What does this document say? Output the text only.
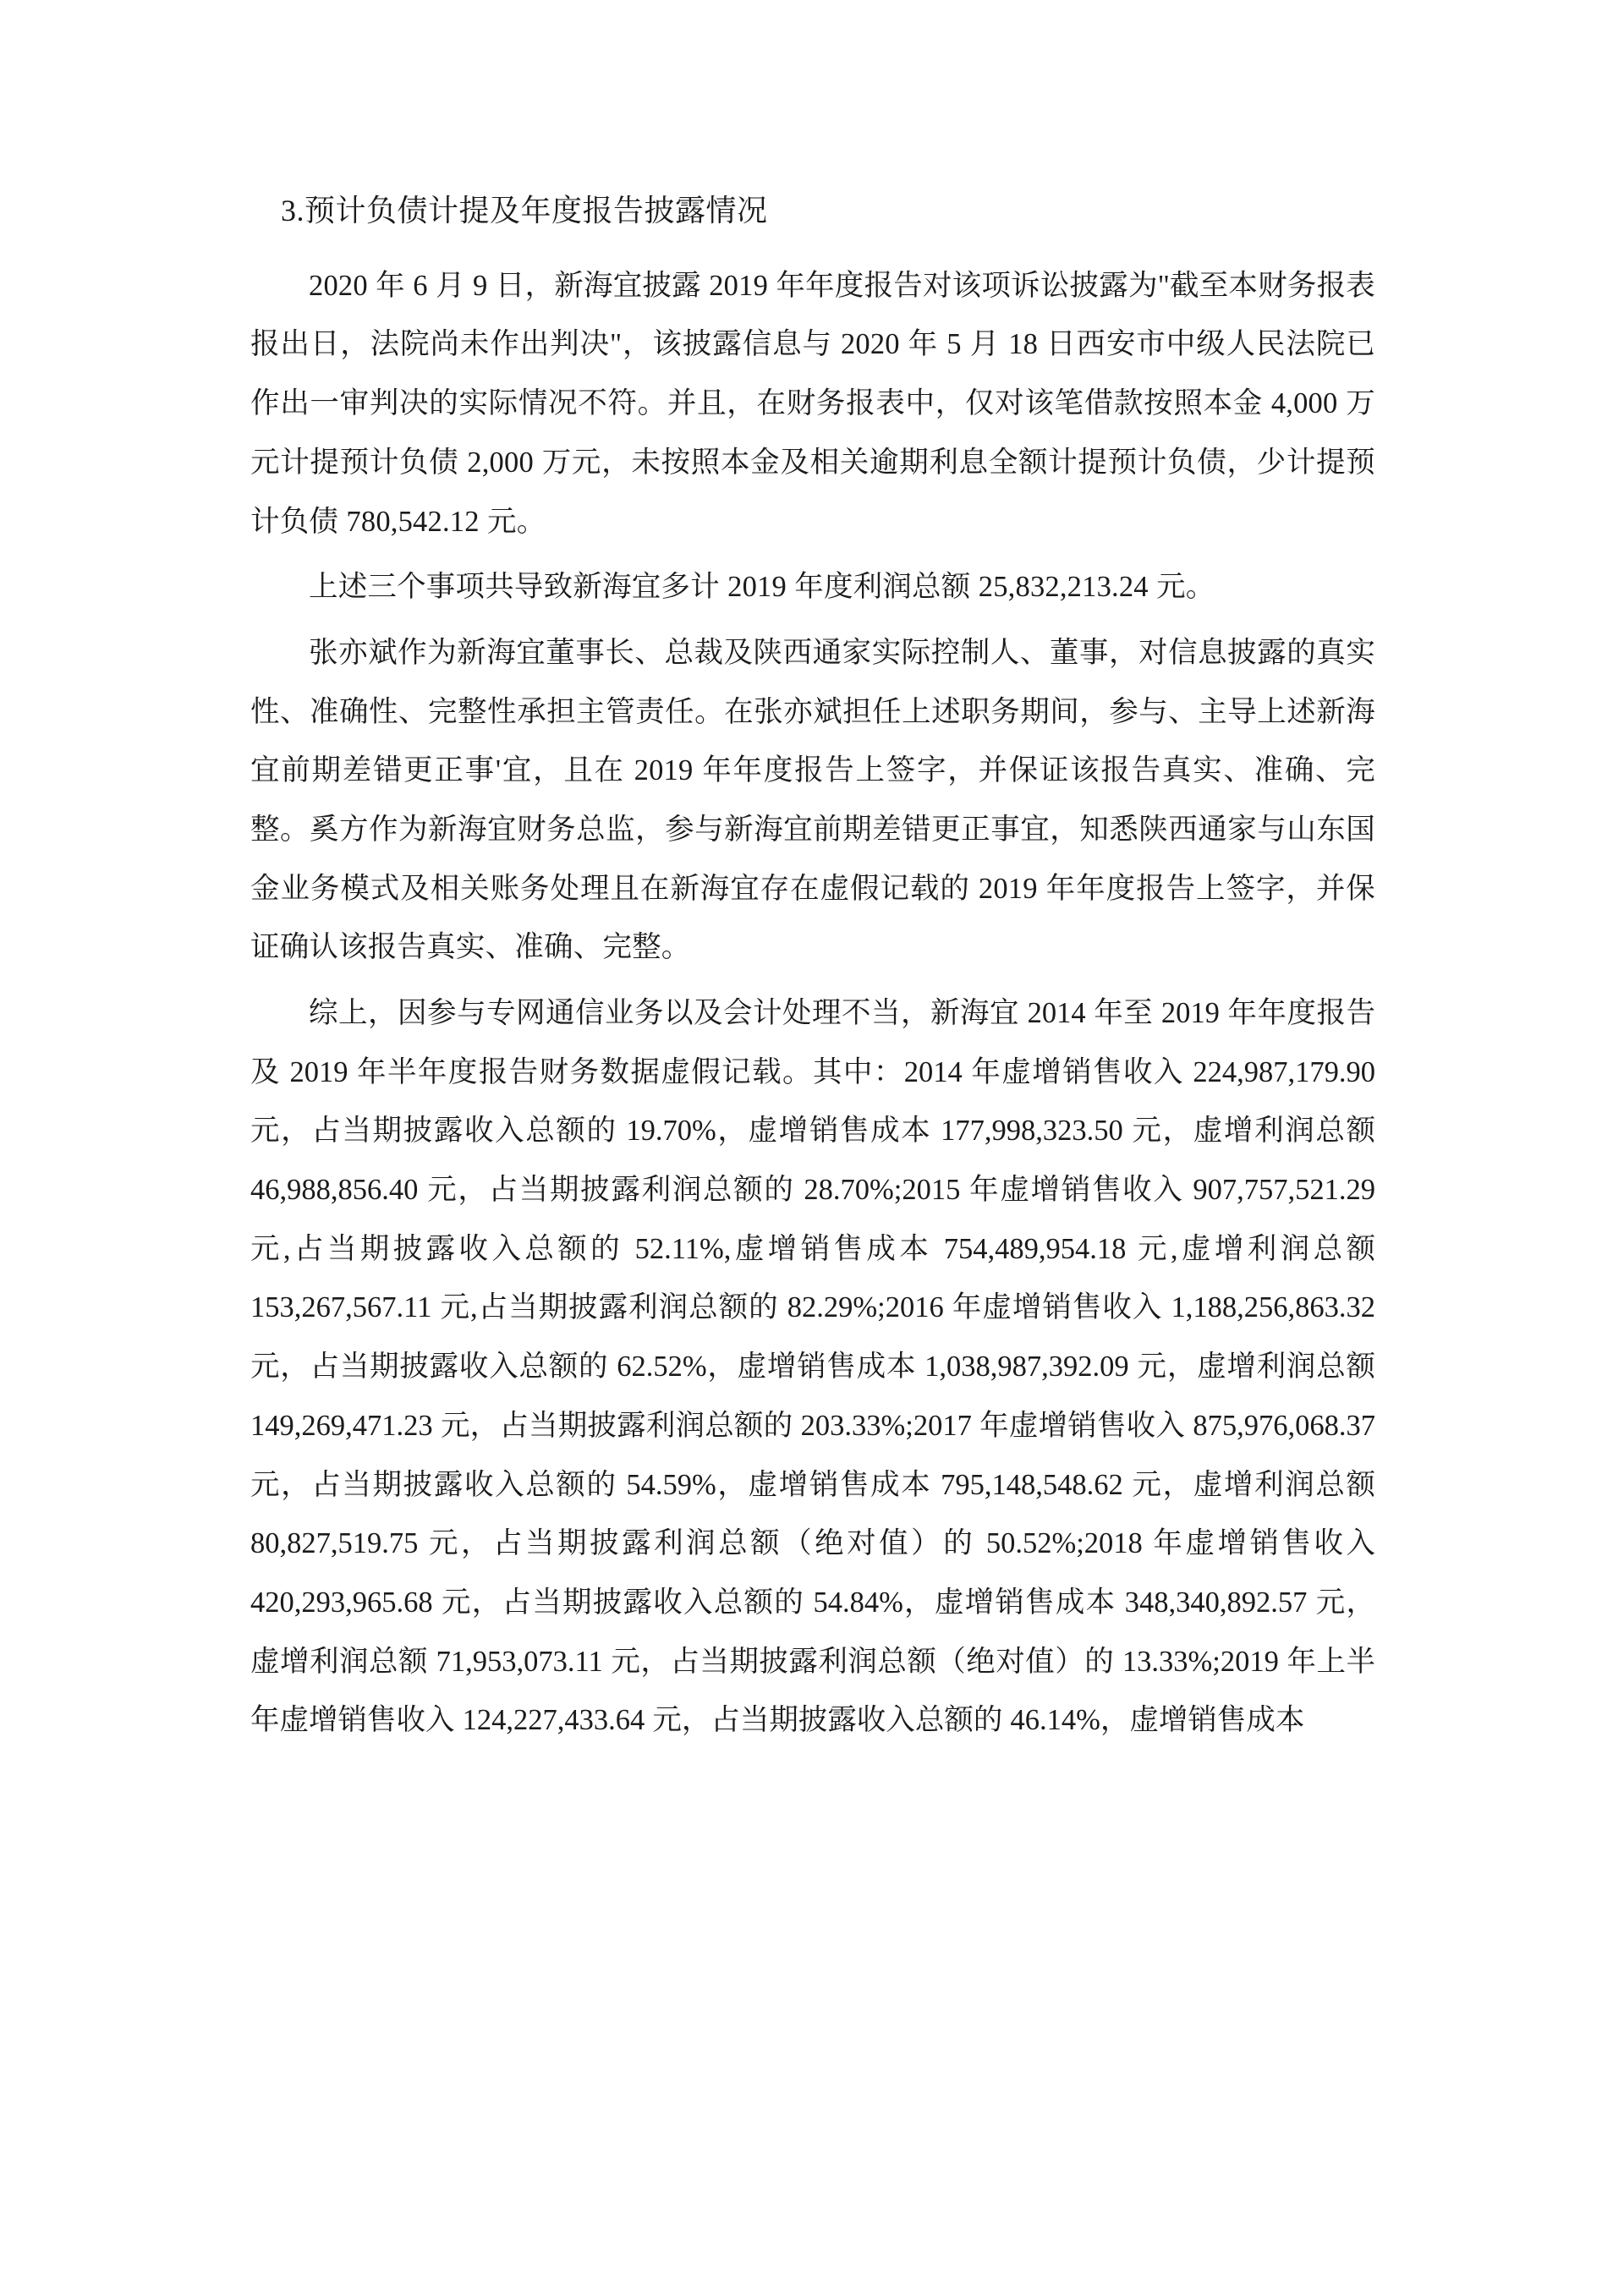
3.预计负债计提及年度报告披露情况

2020 年 6 月 9 日，新海宜披露 2019 年年度报告对该项诉讼披露为"截至本财务报表报出日，法院尚未作出判决"，该披露信息与 2020 年 5 月 18 日西安市中级人民法院已作出一审判决的实际情况不符。并且，在财务报表中，仅对该笔借款按照本金 4,000 万元计提预计负债 2,000 万元，未按照本金及相关逾期利息全额计提预计负债，少计提预计负债 780,542.12 元。

上述三个事项共导致新海宜多计 2019 年度利润总额 25,832,213.24 元。

张亦斌作为新海宜董事长、总裁及陕西通家实际控制人、董事，对信息披露的真实性、准确性、完整性承担主管责任。在张亦斌担任上述职务期间，参与、主导上述新海宜前期差错更正事'宜，且在 2019 年年度报告上签字，并保证该报告真实、准确、完整。奚方作为新海宜财务总监，参与新海宜前期差错更正事宜，知悉陕西通家与山东国金业务模式及相关账务处理且在新海宜存在虚假记载的 2019 年年度报告上签字，并保证确认该报告真实、准确、完整。

综上，因参与专网通信业务以及会计处理不当，新海宜 2014 年至 2019 年年度报告及 2019 年半年度报告财务数据虚假记载。其中：2014 年虚增销售收入 224,987,179.90 元，占当期披露收入总额的 19.70%，虚增销售成本 177,998,323.50 元，虚增利润总额 46,988,856.40 元，占当期披露利润总额的 28.70%;2015 年虚增销售收入 907,757,521.29 元,占当期披露收入总额的 52.11%,虚增销售成本 754,489,954.18 元,虚增利润总额 153,267,567.11 元,占当期披露利润总额的 82.29%;2016 年虚增销售收入 1,188,256,863.32 元，占当期披露收入总额的 62.52%，虚增销售成本 1,038,987,392.09 元，虚增利润总额 149,269,471.23 元，占当期披露利润总额的 203.33%;2017 年虚增销售收入 875,976,068.37 元，占当期披露收入总额的 54.59%，虚增销售成本 795,148,548.62 元，虚增利润总额 80,827,519.75 元，占当期披露利润总额（绝对值）的 50.52%;2018 年虚增销售收入 420,293,965.68 元，占当期披露收入总额的 54.84%，虚增销售成本 348,340,892.57 元，虚增利润总额 71,953,073.11 元，占当期披露利润总额（绝对值）的 13.33%;2019 年上半年虚增销售收入 124,227,433.64 元，占当期披露收入总额的 46.14%，虚增销售成本
